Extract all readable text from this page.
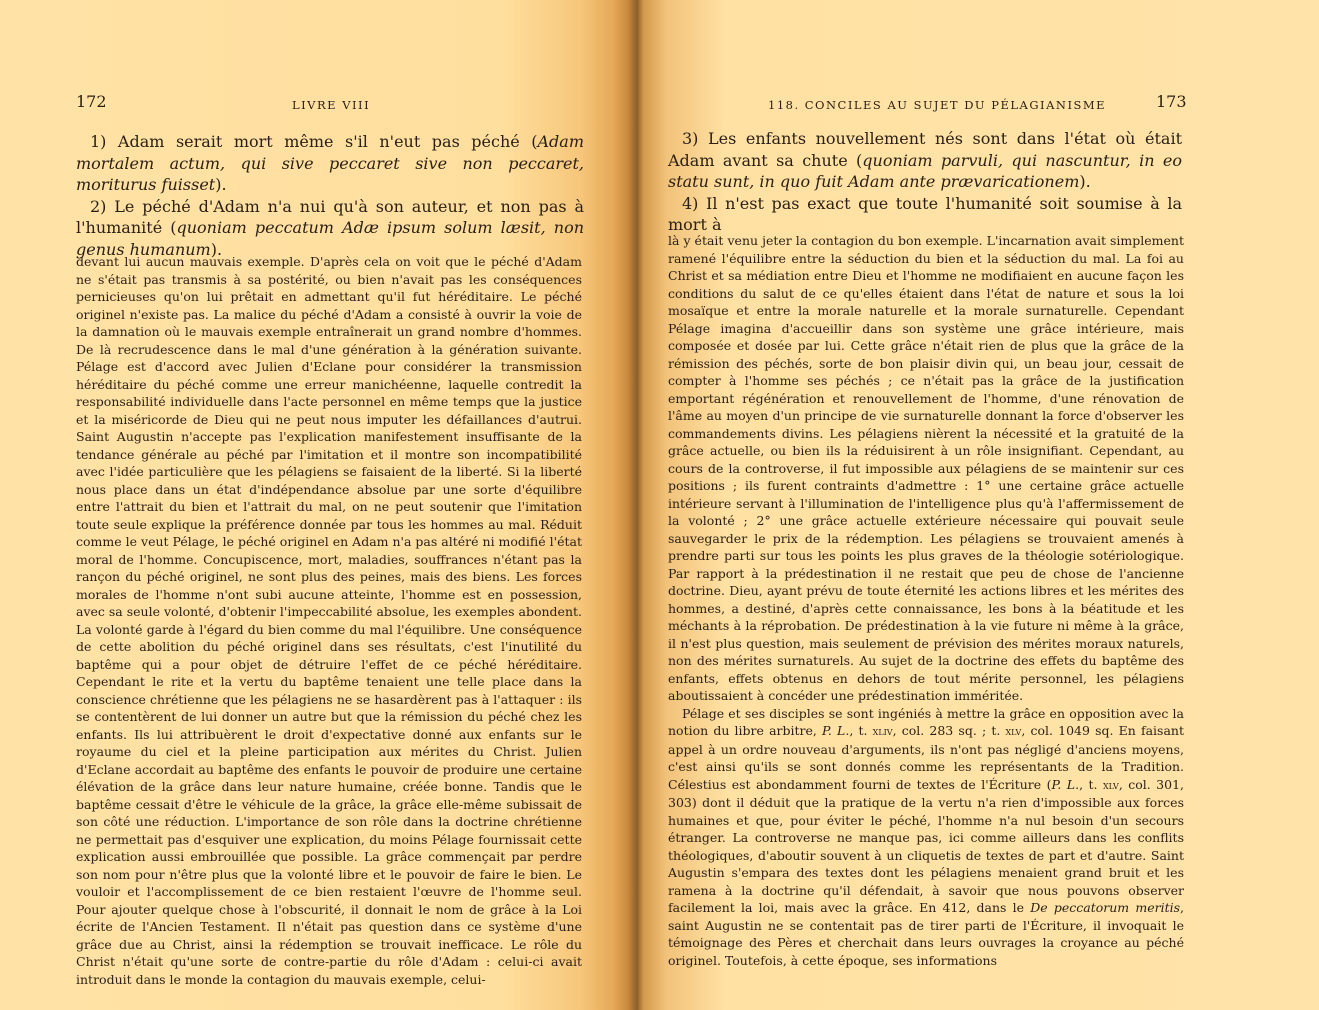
172	LIVRE VIII

1) Adam serait mort même s'il n'eut pas péché (Adam mortalem actum, qui sive peccaret sive non peccaret, moriturus fuisset).

2) Le péché d'Adam n'a nui qu'à son auteur, et non pas à l'humanité (quoniam peccatum Adæ ipsum solum læsit, non genus humanum).

devant lui aucun mauvais exemple. D'après cela on voit que le péché d'Adam ne s'était pas transmis à sa postérité, ou bien n'avait pas les conséquences pernicieuses qu'on lui prêtait en admettant qu'il fut héréditaire. Le péché originel n'existe pas. La malice du péché d'Adam a consisté à ouvrir la voie de la damnation où le mauvais exemple entraînerait un grand nombre d'hommes. De là recrudescence dans le mal d'une génération à la génération suivante. Pélage est d'accord avec Julien d'Eclane pour considérer la transmission héréditaire du péché comme une erreur manichéenne, laquelle contredit la responsabilité individuelle dans l'acte personnel en même temps que la justice et la miséricorde de Dieu qui ne peut nous imputer les défaillances d'autrui. Saint Augustin n'accepte pas l'explication manifestement insuffisante de la tendance générale au péché par l'imitation et il montre son incompatibilité avec l'idée particulière que les pélagiens se faisaient de la liberté. Si la liberté nous place dans un état d'indépendance absolue par une sorte d'équilibre entre l'attrait du bien et l'attrait du mal, on ne peut soutenir que l'imitation toute seule explique la préférence donnée par tous les hommes au mal. Réduit comme le veut Pélage, le péché originel en Adam n'a pas altéré ni modifié l'état moral de l'homme. Concupiscence, mort, maladies, souffrances n'étant pas la rançon du péché originel, ne sont plus des peines, mais des biens. Les forces morales de l'homme n'ont subi aucune atteinte, l'homme est en possession, avec sa seule volonté, d'obtenir l'impeccabilité absolue, les exemples abondent. La volonté garde à l'égard du bien comme du mal l'équilibre. Une conséquence de cette abolition du péché originel dans ses résultats, c'est l'inutilité du baptême qui a pour objet de détruire l'effet de ce péché héréditaire. Cependant le rite et la vertu du baptême tenaient une telle place dans la conscience chrétienne que les pélagiens ne se hasardèrent pas à l'attaquer : ils se contentèrent de lui donner un autre but que la rémission du péché chez les enfants. Ils lui attribuèrent le droit d'expectative donné aux enfants sur le royaume du ciel et la pleine participation aux mérites du Christ. Julien d'Eclane accordait au baptême des enfants le pouvoir de produire une certaine élévation de la grâce dans leur nature humaine, créée bonne. Tandis que le baptême cessait d'être le véhicule de la grâce, la grâce elle-même subissait de son côté une réduction. L'importance de son rôle dans la doctrine chrétienne ne permettait pas d'esquiver une explication, du moins Pélage fournissait cette explication aussi embrouillée que possible. La grâce commençait par perdre son nom pour n'être plus que la volonté libre et le pouvoir de faire le bien. Le vouloir et l'accomplissement de ce bien restaient l'œuvre de l'homme seul. Pour ajouter quelque chose à l'obscurité, il donnait le nom de grâce à la Loi écrite de l'Ancien Testament. Il n'était pas question dans ce système d'une grâce due au Christ, ainsi la rédemption se trouvait inefficace. Le rôle du Christ n'était qu'une sorte de contre-partie du rôle d'Adam : celui-ci avait introduit dans le monde la contagion du mauvais exemple, celui-

118. CONCILES AU SUJET DU PÉLAGIANISME	173

3) Les enfants nouvellement nés sont dans l'état où était Adam avant sa chute (quoniam parvuli, qui nascuntur, in eo statu sunt, in quo fuit Adam ante prævaricationem).

4) Il n'est pas exact que toute l'humanité soit soumise à la mort à

là y était venu jeter la contagion du bon exemple. L'incarnation avait simplement ramené l'équilibre entre la séduction du bien et la séduction du mal. La foi au Christ et sa médiation entre Dieu et l'homme ne modifiaient en aucune façon les conditions du salut de ce qu'elles étaient dans l'état de nature et sous la loi mosaïque et entre la morale naturelle et la morale surnaturelle. Cependant Pélage imagina d'accueillir dans son système une grâce intérieure, mais composée et dosée par lui. Cette grâce n'était rien de plus que la grâce de la rémission des péchés, sorte de bon plaisir divin qui, un beau jour, cessait de compter à l'homme ses péchés ; ce n'était pas la grâce de la justification emportant régénération et renouvellement de l'homme, d'une rénovation de l'âme au moyen d'un principe de vie surnaturelle donnant la force d'observer les commandements divins. Les pélagiens nièrent la nécessité et la gratuité de la grâce actuelle, ou bien ils la réduisirent à un rôle insignifiant. Cependant, au cours de la controverse, il fut impossible aux pélagiens de se maintenir sur ces positions ; ils furent contraints d'admettre : 1° une certaine grâce actuelle intérieure servant à l'illumination de l'intelligence plus qu'à l'affermissement de la volonté ; 2° une grâce actuelle extérieure nécessaire qui pouvait seule sauvegarder le prix de la rédemption. Les pélagiens se trouvaient amenés à prendre parti sur tous les points les plus graves de la théologie sotériologique. Par rapport à la prédestination il ne restait que peu de chose de l'ancienne doctrine. Dieu, ayant prévu de toute éternité les actions libres et les mérites des hommes, a destiné, d'après cette connaissance, les bons à la béatitude et les méchants à la réprobation. De prédestination à la vie future ni même à la grâce, il n'est plus question, mais seulement de prévision des mérites moraux naturels, non des mérites surnaturels. Au sujet de la doctrine des effets du baptême des enfants, effets obtenus en dehors de tout mérite personnel, les pélagiens aboutissaient à concéder une prédestination imméritée.

Pélage et ses disciples se sont ingéniés à mettre la grâce en opposition avec la notion du libre arbitre, P. L., t. xliv, col. 283 sq. ; t. xlv, col. 1049 sq. En faisant appel à un ordre nouveau d'arguments, ils n'ont pas négligé d'anciens moyens, c'est ainsi qu'ils se sont donnés comme les représentants de la Tradition. Célestius est abondamment fourni de textes de l'Écriture (P. L., t. xlv, col. 301, 303) dont il déduit que la pratique de la vertu n'a rien d'impossible aux forces humaines et que, pour éviter le péché, l'homme n'a nul besoin d'un secours étranger. La controverse ne manque pas, ici comme ailleurs dans les conflits théologiques, d'aboutir souvent à un cliquetis de textes de part et d'autre. Saint Augustin s'empara des textes dont les pélagiens menaient grand bruit et les ramena à la doctrine qu'il défendait, à savoir que nous pouvons observer facilement la loi, mais avec la grâce. En 412, dans le De peccatorum meritis, saint Augustin ne se contentait pas de tirer parti de l'Écriture, il invoquait le témoignage des Pères et cherchait dans leurs ouvrages la croyance au péché originel. Toutefois, à cette époque, ses informations
